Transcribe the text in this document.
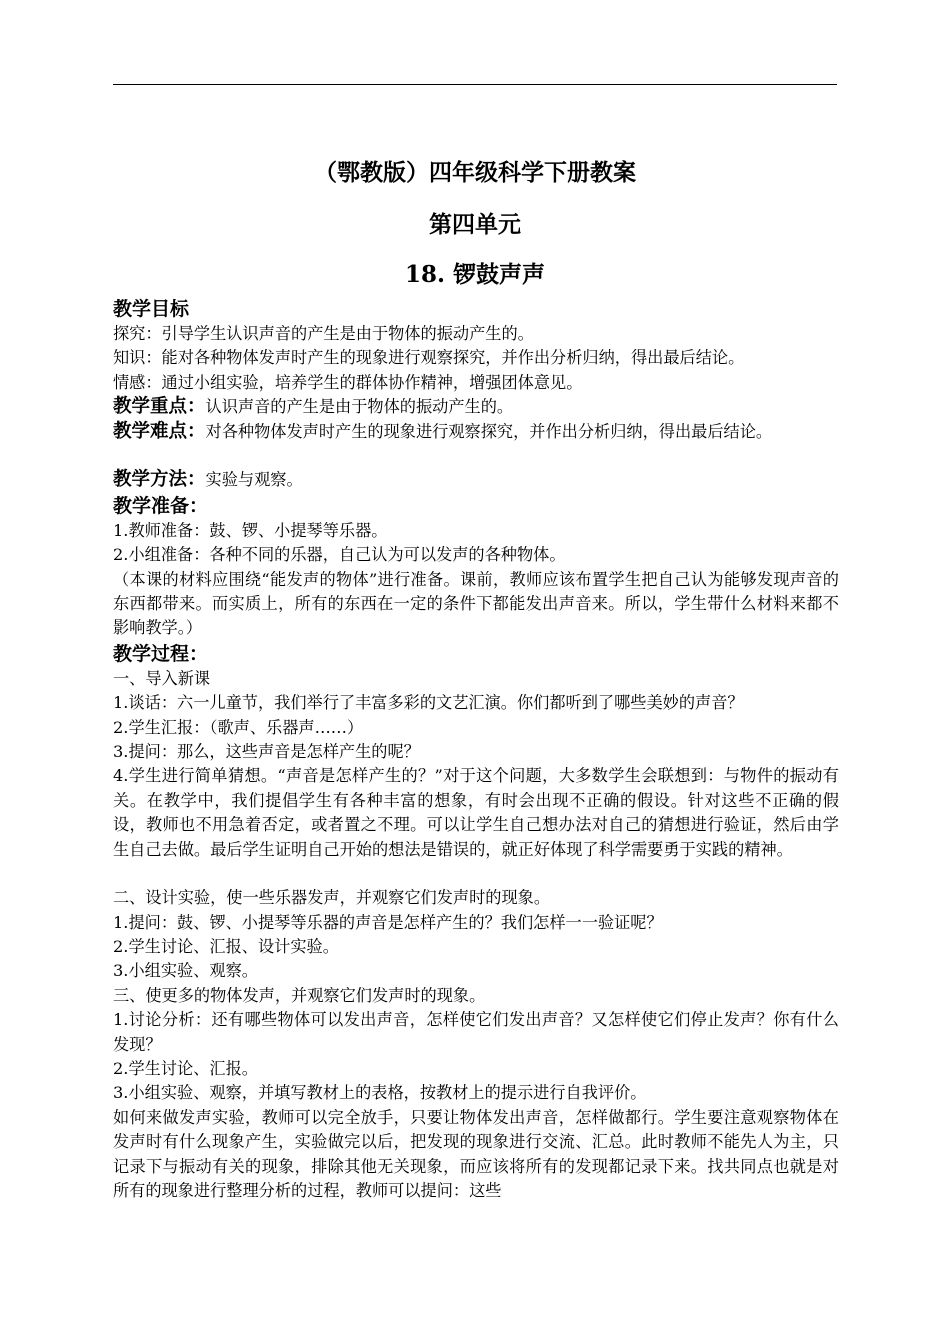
（鄂教版）四年级科学下册教案
第四单元
18. 锣鼓声声
教学目标
探究：引导学生认识声音的产生是由于物体的振动产生的。
知识：能对各种物体发声时产生的现象进行观察探究，并作出分析归纳，得出最后结论。
情感：通过小组实验，培养学生的群体协作精神，增强团体意见。
教学重点：认识声音的产生是由于物体的振动产生的。
教学难点：对各种物体发声时产生的现象进行观察探究，并作出分析归纳，得出最后结论。
教学方法：实验与观察。
教学准备：
1.教师准备：鼓、锣、小提琴等乐器。
2.小组准备：各种不同的乐器，自己认为可以发声的各种物体。
（本课的材料应围绕“能发声的物体”进行准备。课前，教师应该布置学生把自己认为能够发现声音的东西都带来。而实质上，所有的东西在一定的条件下都能发出声音来。所以，学生带什么材料来都不影响教学。）
教学过程：
一、导入新课
1.谈话：六一儿童节，我们举行了丰富多彩的文艺汇演。你们都听到了哪些美妙的声音？
2.学生汇报：（歌声、乐器声……）
3.提问：那么，这些声音是怎样产生的呢？
4.学生进行简单猜想。“声音是怎样产生的？”对于这个问题，大多数学生会联想到：与物件的振动有关。在教学中，我们提倡学生有各种丰富的想象，有时会出现不正确的假设。针对这些不正确的假设，教师也不用急着否定，或者置之不理。可以让学生自己想办法对自己的猜想进行验证，然后由学生自己去做。最后学生证明自己开始的想法是错误的，就正好体现了科学需要勇于实践的精神。
二、设计实验，使一些乐器发声，并观察它们发声时的现象。
1.提问：鼓、锣、小提琴等乐器的声音是怎样产生的？我们怎样一一验证呢？
2.学生讨论、汇报、设计实验。
3.小组实验、观察。
三、使更多的物体发声，并观察它们发声时的现象。
1.讨论分析：还有哪些物体可以发出声音，怎样使它们发出声音？又怎样使它们停止发声？你有什么发现？
2.学生讨论、汇报。
3.小组实验、观察，并填写教材上的表格，按教材上的提示进行自我评价。
如何来做发声实验，教师可以完全放手，只要让物体发出声音，怎样做都行。学生要注意观察物体在发声时有什么现象产生，实验做完以后，把发现的现象进行交流、汇总。此时教师不能先人为主，只记录下与振动有关的现象，排除其他无关现象，而应该将所有的发现都记录下来。找共同点也就是对所有的现象进行整理分析的过程，教师可以提问：这些
